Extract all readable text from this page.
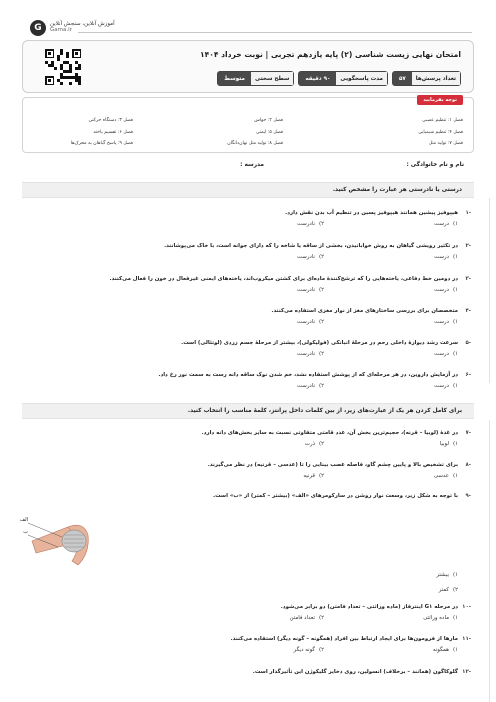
G	آموزش آنلاین، سنجش آنلاین
Gama.ir
امتحان نهایی زیست شناسی (۲) پایه یازدهم تجربی | نوبت خرداد ۱۴۰۴
تعداد پرسش‌ها
۵۷
مدت پاسخگویی
۹۰ دقیقه
سطح سختی
متوسط
توجه بفرمایید
فصل ۱: تنظیم عصبی
فصل ۲: حواس
فصل ۳: دستگاه حرکتی
فصل ۴: تنظیم شیمیایی
فصل ۵: ایمنی
فصل ۶: تقسیم یاخته
فصل ۷: تولید مثل
فصل ۸: تولید مثل نهان‌دانگان
فصل ۹: پاسخ گیاهان به محرک‌ها
نام و نام خانوادگی :
مدرسه :
درستی یا نادرستی هر عبارت را مشخص کنید.
-۱
هیپوفیز پیشین همانند هیپوفیز پسین در تنظیم آب بدن نقش دارد.
۱)درست
۲)نادرست
-۲
در تکثیر رویشی گیاهان به روش خوابانیدن، بخشی از ساقه یا شاخه را که دارای جوانه است، با خاک می‌پوشانند.
۱)درست
۲)نادرست
-۳
در دومین خط دفاعی، یاخته‌هایی را که ترشح‌کنندهٔ ماده‌ای برای کشتن میکروب‌اند، یاخته‌های ایمنی غیرفعال در خون را فعال می‌کنند.
۱)درست
۲)نادرست
-۴
متخصصان برای بررسی ساختارهای مغز از نوار مغزی استفاده می‌کنند.
۱)درست
۲)نادرست
-۵
سرعت رشد دیوارهٔ داخلی رحم در مرحلهٔ انبانکی (فولیکولی)، بیشتر از مرحلهٔ جسم زردی (لوتئالی) است.
۱)درست
۲)نادرست
-۶
در آزمایش داروین، در هر مرحله‌ای که از پوشش استفاده نشد، خم شدن نوک ساقه دانه رست به سمت نور رخ داد.
۱)درست
۲)نادرست
برای کامل کردن هر یک از عبارت‌های زیر، از بین کلمات داخل پرانتز، کلمهٔ مناسب را انتخاب کنید.
-۷
در غدهٔ (لوبیا – قرنه)، حجیم‌ترین بخش آن، عدد قامتی متفاوتی نسبت به سایر بخش‌های دانه دارد.
۱)لوبیا
۲)ذرت
-۸
برای تشخیص بالا و پایین چشم گاو، فاصله عصب بینایی را تا (عدسی – قرنیه) در نظر می‌گیرند.
۱)عدسی
۲)قرنیه
-۹
با توجه به شکل زیر، وسعت نوار روشن در سارکومرهای «الف» (بیشتر – کمتر) از «ب» است.
۱)بیشتر
۲)کمتر
الف
ب
-۱۰
در مرحله G۱ اینترفاز (ماده وراثتی – تعداد فامتن) دو برابر می‌شود.
۱)ماده وراثتی
۲)تعداد فامتن
-۱۱
مارها از فرومون‌ها برای ایجاد ارتباط بین افراد (همگونه – گونه دیگر) استفاده می‌کنند.
۱)همگونه
۲)گونه دیگر
-۱۲
گلوکاگون (همانند – برخلاف) انسولین، روی ذخایر گلیکوژن این تأثیرگذار است.
